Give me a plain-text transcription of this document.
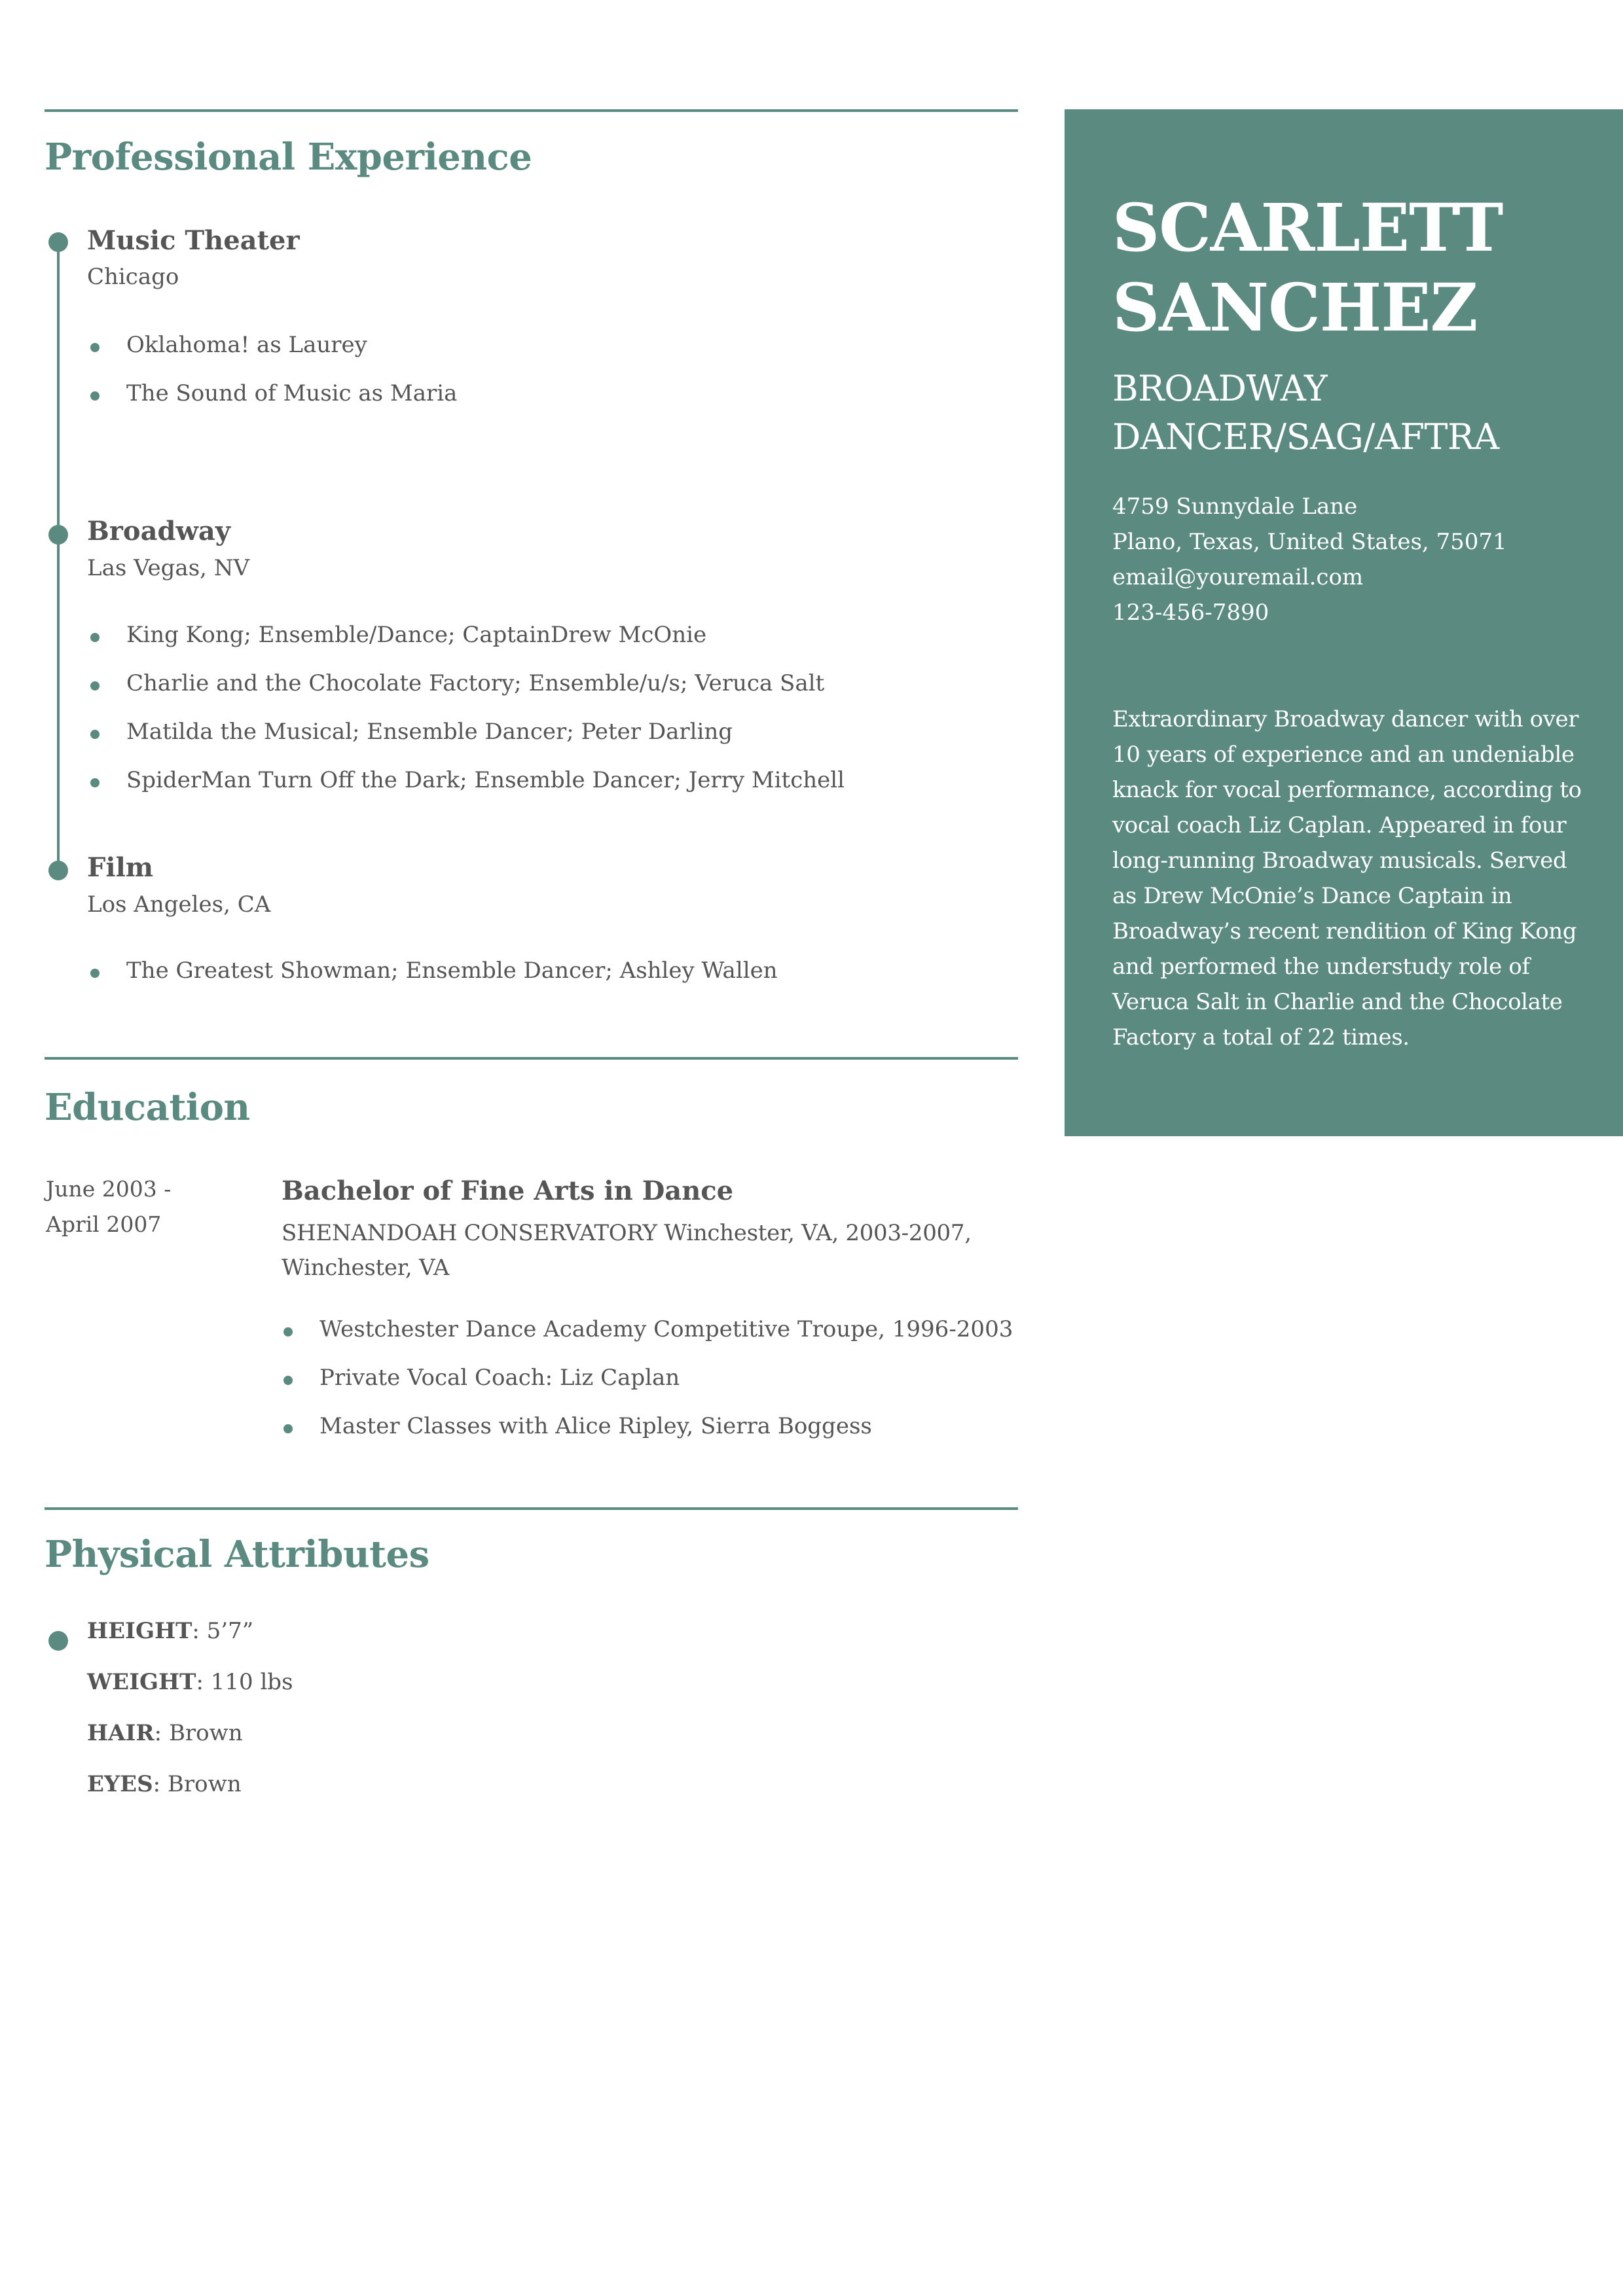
SCARLETT
SANCHEZ
BROADWAY
DANCER/SAG/AFTRA
4759 Sunnydale Lane
Plano, Texas, United States, 75071
email@youremail.com
123-456-7890

Extraordinary Broadway dancer with over 10 years of experience and an undeniable knack for vocal performance, according to vocal coach Liz Caplan. Appeared in four long-running Broadway musicals. Served as Drew McOnie’s Dance Captain in Broadway’s recent rendition of King Kong and performed the understudy role of Veruca Salt in Charlie and the Chocolate Factory a total of 22 times.

Professional Experience
Music Theater
Chicago
Oklahoma! as Laurey
The Sound of Music as Maria
Broadway
Las Vegas, NV
King Kong; Ensemble/Dance; CaptainDrew McOnie
Charlie and the Chocolate Factory; Ensemble/u/s; Veruca Salt
Matilda the Musical; Ensemble Dancer; Peter Darling
SpiderMan Turn Off the Dark; Ensemble Dancer; Jerry Mitchell
Film
Los Angeles, CA
The Greatest Showman; Ensemble Dancer; Ashley Wallen
Education
June 2003 -
April 2007
Bachelor of Fine Arts in Dance
SHENANDOAH CONSERVATORY Winchester, VA, 2003-2007, Winchester, VA
Westchester Dance Academy Competitive Troupe, 1996-2003
Private Vocal Coach: Liz Caplan
Master Classes with Alice Ripley, Sierra Boggess
Physical Attributes
HEIGHT: 5’7”
WEIGHT: 110 lbs
HAIR: Brown
EYES: Brown
